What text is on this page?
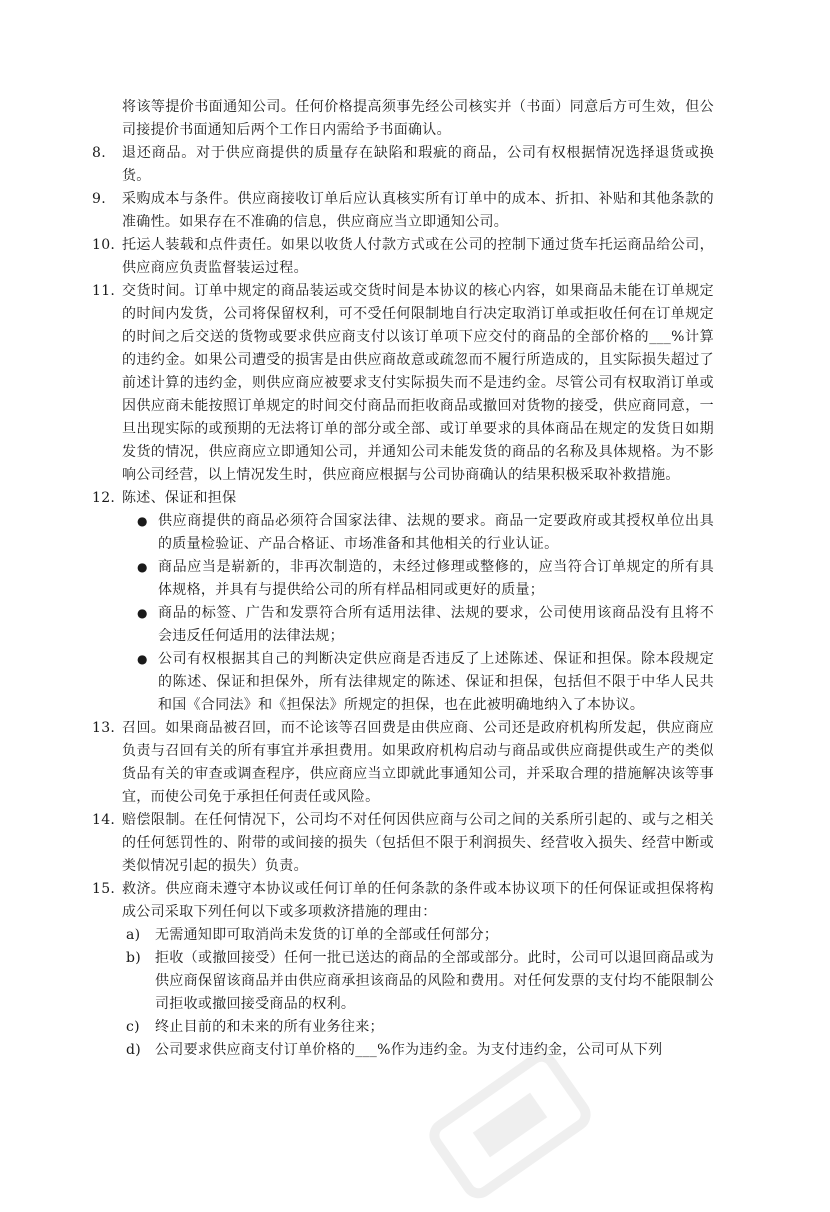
将该等提价书面通知公司。任何价格提高须事先经公司核实并（书面）同意后方可生效，但公司接提价书面通知后两个工作日内需给予书面确认。

8. 退还商品。对于供应商提供的质量存在缺陷和瑕疵的商品，公司有权根据情况选择退货或换货。
9. 采购成本与条件。供应商接收订单后应认真核实所有订单中的成本、折扣、补贴和其他条款的准确性。如果存在不准确的信息，供应商应当立即通知公司。
10. 托运人装载和点件责任。如果以收货人付款方式或在公司的控制下通过货车托运商品给公司，供应商应负责监督装运过程。
11. 交货时间。订单中规定的商品装运或交货时间是本协议的核心内容，如果商品未能在订单规定的时间内发货，公司将保留权利，可不受任何限制地自行决定取消订单或拒收任何在订单规定的时间之后交送的货物或要求供应商支付以该订单项下应交付的商品的全部价格的___%计算的违约金。如果公司遭受的损害是由供应商故意或疏忽而不履行所造成的，且实际损失超过了前述计算的违约金，则供应商应被要求支付实际损失而不是违约金。尽管公司有权取消订单或因供应商未能按照订单规定的时间交付商品而拒收商品或撤回对货物的接受，供应商同意，一旦出现实际的或预期的无法将订单的部分或全部、或订单要求的具体商品在规定的发货日如期发货的情况，供应商应立即通知公司，并通知公司未能发货的商品的名称及具体规格。为不影响公司经营，以上情况发生时，供应商应根据与公司协商确认的结果积极采取补救措施。
12. 陈述、保证和担保
● 供应商提供的商品必须符合国家法律、法规的要求。商品一定要政府或其授权单位出具的质量检验证、产品合格证、市场准备和其他相关的行业认证。
● 商品应当是崭新的，非再次制造的，未经过修理或整修的，应当符合订单规定的所有具体规格，并具有与提供给公司的所有样品相同或更好的质量；
● 商品的标签、广告和发票符合所有适用法律、法规的要求，公司使用该商品没有且将不会违反任何适用的法律法规；
● 公司有权根据其自己的判断决定供应商是否违反了上述陈述、保证和担保。除本段规定的陈述、保证和担保外，所有法律规定的陈述、保证和担保，包括但不限于中华人民共和国《合同法》和《担保法》所规定的担保，也在此被明确地纳入了本协议。
13. 召回。如果商品被召回，而不论该等召回费是由供应商、公司还是政府机构所发起，供应商应负责与召回有关的所有事宜并承担费用。如果政府机构启动与商品或供应商提供或生产的类似货品有关的审查或调查程序，供应商应当立即就此事通知公司，并采取合理的措施解决该等事宜，而使公司免于承担任何责任或风险。
14. 赔偿限制。在任何情况下，公司均不对任何因供应商与公司之间的关系所引起的、或与之相关的任何惩罚性的、附带的或间接的损失（包括但不限于利润损失、经营收入损失、经营中断或类似情况引起的损失）负责。
15. 救济。供应商未遵守本协议或任何订单的任何条款的条件或本协议项下的任何保证或担保将构成公司采取下列任何以下或多项救济措施的理由：
a) 无需通知即可取消尚未发货的订单的全部或任何部分；
b) 拒收（或撤回接受）任何一批已送达的商品的全部或部分。此时，公司可以退回商品或为供应商保留该商品并由供应商承担该商品的风险和费用。对任何发票的支付均不能限制公司拒收或撤回接受商品的权利。
c) 终止目前的和未来的所有业务往来；
d) 公司要求供应商支付订单价格的___%作为违约金。为支付违约金，公司可从下列
